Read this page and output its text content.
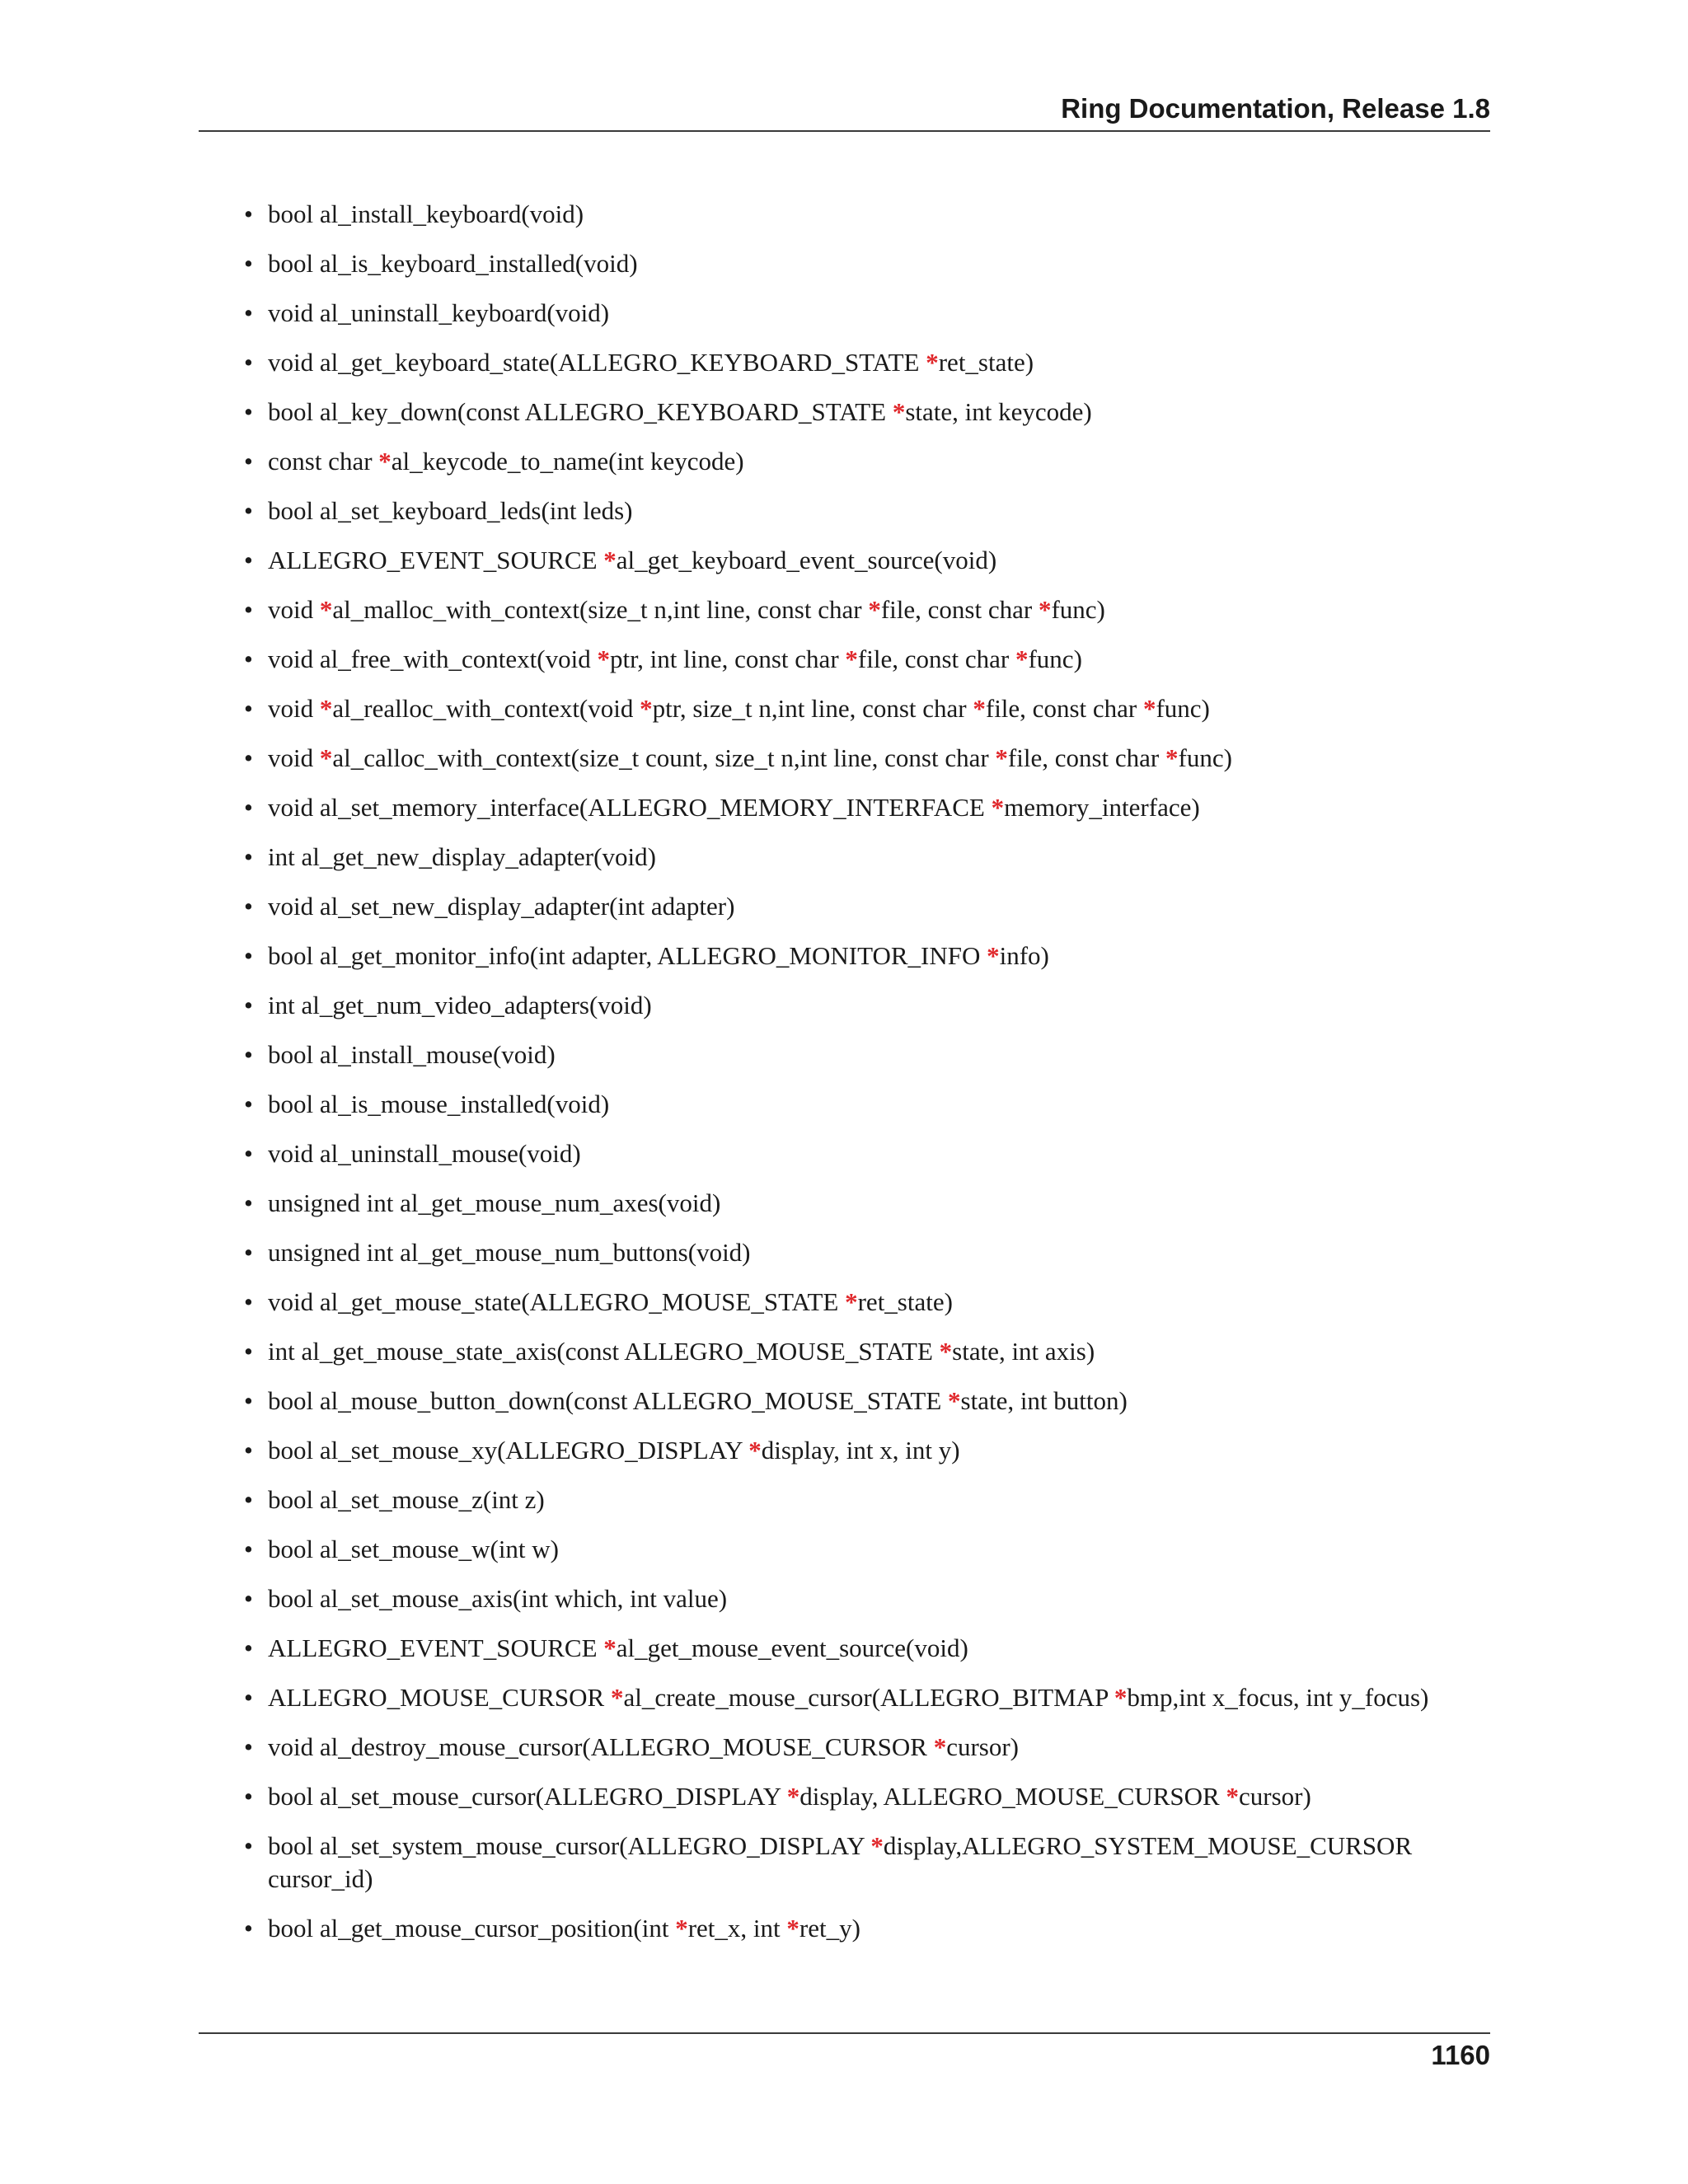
Ring Documentation, Release 1.8
• bool al_install_keyboard(void)
• bool al_is_keyboard_installed(void)
• void al_uninstall_keyboard(void)
• void al_get_keyboard_state(ALLEGRO_KEYBOARD_STATE *ret_state)
• bool al_key_down(const ALLEGRO_KEYBOARD_STATE *state, int keycode)
• const char *al_keycode_to_name(int keycode)
• bool al_set_keyboard_leds(int leds)
• ALLEGRO_EVENT_SOURCE *al_get_keyboard_event_source(void)
• void *al_malloc_with_context(size_t n,int line, const char *file, const char *func)
• void al_free_with_context(void *ptr, int line, const char *file, const char *func)
• void *al_realloc_with_context(void *ptr, size_t n,int line, const char *file, const char *func)
• void *al_calloc_with_context(size_t count, size_t n,int line, const char *file, const char *func)
• void al_set_memory_interface(ALLEGRO_MEMORY_INTERFACE *memory_interface)
• int al_get_new_display_adapter(void)
• void al_set_new_display_adapter(int adapter)
• bool al_get_monitor_info(int adapter, ALLEGRO_MONITOR_INFO *info)
• int al_get_num_video_adapters(void)
• bool al_install_mouse(void)
• bool al_is_mouse_installed(void)
• void al_uninstall_mouse(void)
• unsigned int al_get_mouse_num_axes(void)
• unsigned int al_get_mouse_num_buttons(void)
• void al_get_mouse_state(ALLEGRO_MOUSE_STATE *ret_state)
• int al_get_mouse_state_axis(const ALLEGRO_MOUSE_STATE *state, int axis)
• bool al_mouse_button_down(const ALLEGRO_MOUSE_STATE *state, int button)
• bool al_set_mouse_xy(ALLEGRO_DISPLAY *display, int x, int y)
• bool al_set_mouse_z(int z)
• bool al_set_mouse_w(int w)
• bool al_set_mouse_axis(int which, int value)
• ALLEGRO_EVENT_SOURCE *al_get_mouse_event_source(void)
• ALLEGRO_MOUSE_CURSOR *al_create_mouse_cursor(ALLEGRO_BITMAP *bmp,int x_focus, int y_focus)
• void al_destroy_mouse_cursor(ALLEGRO_MOUSE_CURSOR *cursor)
• bool al_set_mouse_cursor(ALLEGRO_DISPLAY *display, ALLEGRO_MOUSE_CURSOR *cursor)
• bool al_set_system_mouse_cursor(ALLEGRO_DISPLAY *display,ALLEGRO_SYSTEM_MOUSE_CURSOR cursor_id)
• bool al_get_mouse_cursor_position(int *ret_x, int *ret_y)
1160
